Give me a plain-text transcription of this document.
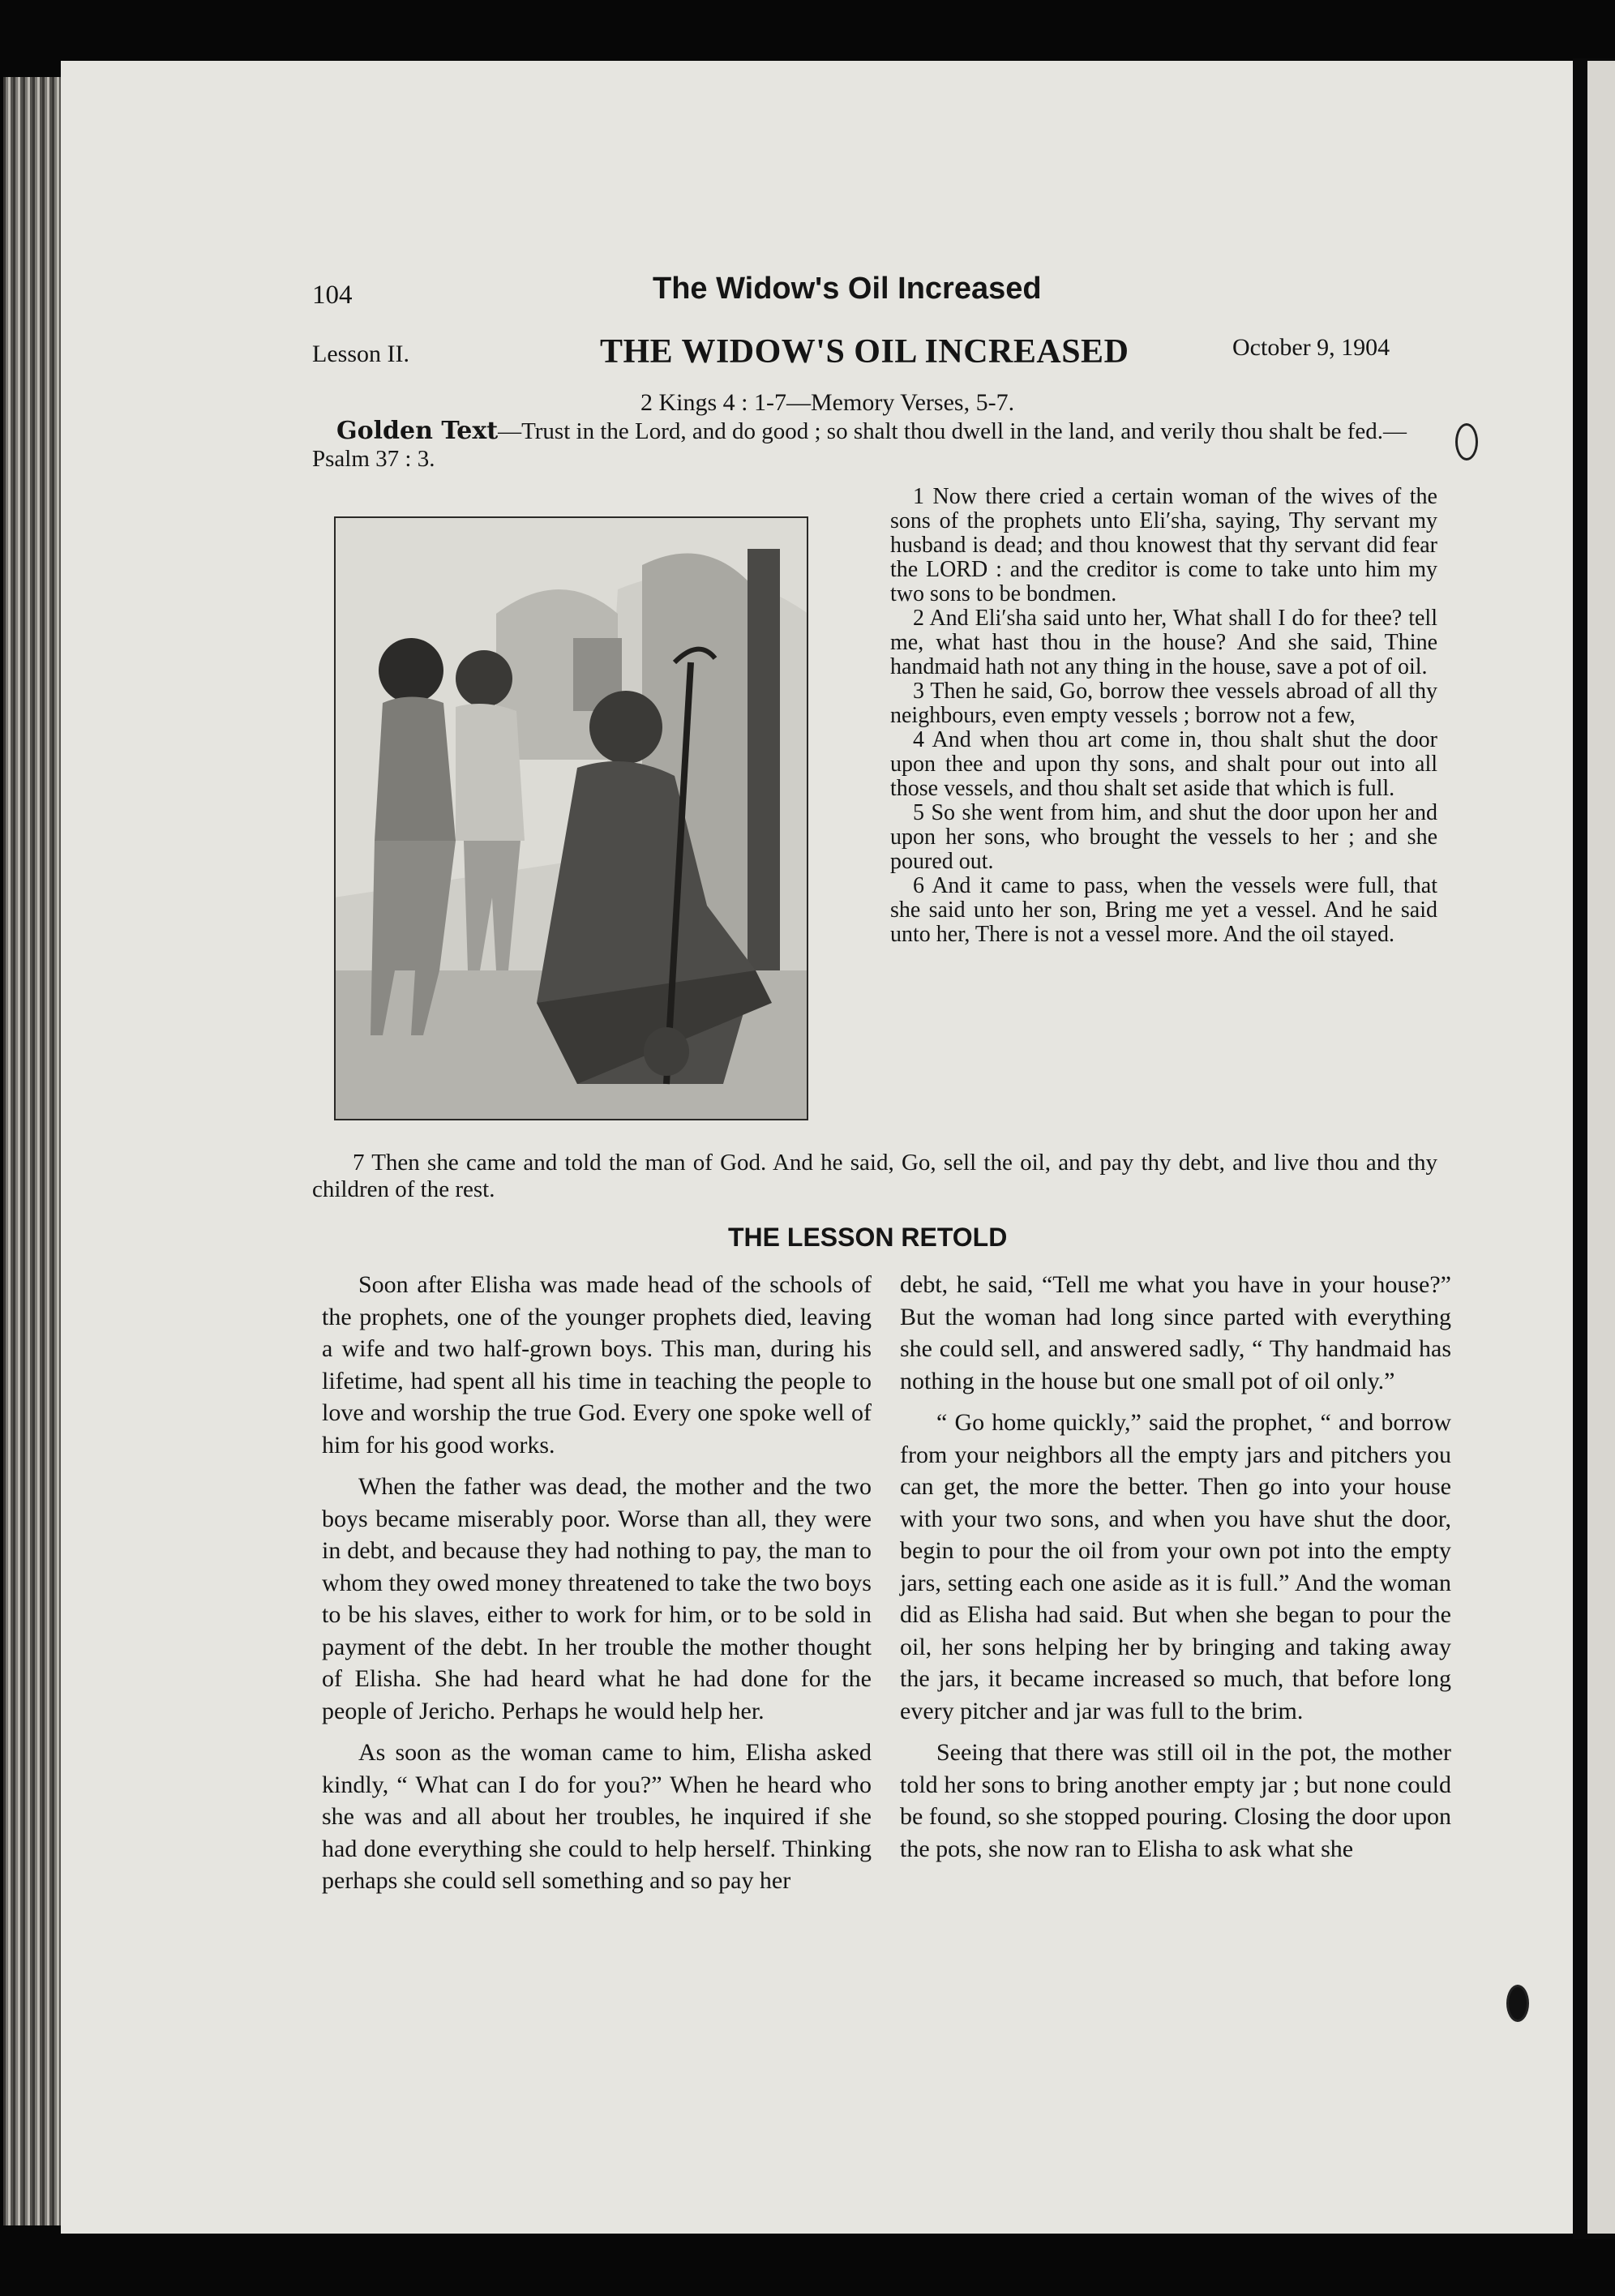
104	The Widow's Oil Increased
Lesson II.	THE WIDOW'S OIL INCREASED	October 9, 1904
2 Kings 4 : 1-7—Memory Verses, 5-7.
Golden Text—Trust in the Lord, and do good ; so shalt thou dwell in the land, and verily thou shalt be fed.—Psalm 37 : 3.

1 Now there cried a certain woman of the wives of the sons of the prophets unto Eli′sha, saying, Thy servant my husband is dead; and thou knowest that thy servant did fear the LORD : and the creditor is come to take unto him my two sons to be bondmen.

2 And Eli′sha said unto her, What shall I do for thee? tell me, what hast thou in the house? And she said, Thine handmaid hath not any thing in the house, save a pot of oil.

3 Then he said, Go, borrow thee vessels abroad of all thy neighbours, even empty vessels ; borrow not a few,

4 And when thou art come in, thou shalt shut the door upon thee and upon thy sons, and shalt pour out into all those vessels, and thou shalt set aside that which is full.

5 So she went from him, and shut the door upon her and upon her sons, who brought the vessels to her ; and she poured out.

6 And it came to pass, when the vessels were full, that she said unto her son, Bring me yet a vessel. And he said unto her, There is not a vessel more. And the oil stayed.

7 Then she came and told the man of God. And he said, Go, sell the oil, and pay thy debt, and live thou and thy children of the rest.
THE LESSON RETOLD

Soon after Elisha was made head of the schools of the prophets, one of the younger prophets died, leaving a wife and two half-grown boys. This man, during his lifetime, had spent all his time in teaching the people to love and worship the true God. Every one spoke well of him for his good works.

When the father was dead, the mother and the two boys became miserably poor. Worse than all, they were in debt, and because they had nothing to pay, the man to whom they owed money threatened to take the two boys to be his slaves, either to work for him, or to be sold in payment of the debt. In her trouble the mother thought of Elisha. She had heard what he had done for the people of Jericho. Perhaps he would help her.

As soon as the woman came to him, Elisha asked kindly, “ What can I do for you?” When he heard who she was and all about her troubles, he inquired if she had done everything she could to help herself. Thinking perhaps she could sell something and so pay her

debt, he said, “Tell me what you have in your house?” But the woman had long since parted with everything she could sell, and answered sadly, “ Thy handmaid has nothing in the house but one small pot of oil only.”

“ Go home quickly,” said the prophet, “ and borrow from your neighbors all the empty jars and pitchers you can get, the more the better. Then go into your house with your two sons, and when you have shut the door, begin to pour the oil from your own pot into the empty jars, setting each one aside as it is full.” And the woman did as Elisha had said. But when she began to pour the oil, her sons helping her by bringing and taking away the jars, it became increased so much, that before long every pitcher and jar was full to the brim.

Seeing that there was still oil in the pot, the mother told her sons to bring another empty jar ; but none could be found, so she stopped pouring. Closing the door upon the pots, she now ran to Elisha to ask what she
